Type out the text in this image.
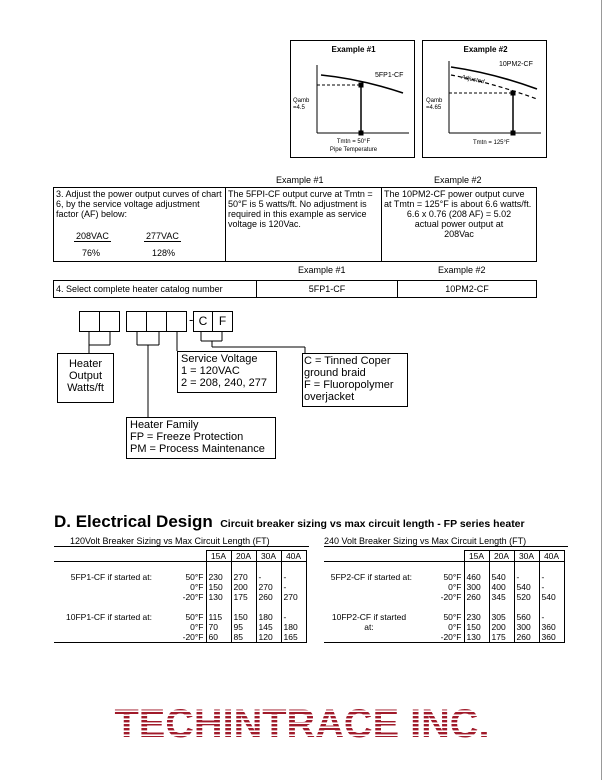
Example #1
5FP1-CF
Qamb
=4.5
Tmtn = 50°F
Pipe Temperature
Example #2
10PM2-CF
Adjusted
Qamb
=4.65
Tmtn = 125°F
Example #1	Example #2
3. Adjust the power output curves of chart 6, by the service voltage adjustment factor (AF) below:
208VAC	277VAC
76%	128%
The 5FPI-CF output curve at Tmtn = 50°F is 5 watts/ft. No adjustment is required in this example as service voltage is 120Vac.
The 10PM2-CF power output curve at Tmtn = 125°F is about 6.6 watts/ft.
6.6 x 0.76 (208 AF) = 5.02
actual power output at
208Vac
Example #1	Example #2
4. Select complete heater catalog number	5FP1-CF	10PM2-CF
- C F
Heater
Output
Watts/ft
Service Voltage
1 = 120VAC
2 = 208, 240, 277
C = Tinned Coper
ground braid
F = Fluoropolymer
overjacket
Heater Family
FP = Freeze Protection
PM = Process Maintenance
D. Electrical Design Circuit breaker sizing vs max circuit length - FP series heater
120Volt Breaker Sizing vs Max Circuit Length (FT)	240 Volt Breaker Sizing vs Max Circuit Length (FT)
		15A	20A	30A	40A

5FP1-CF if started at:	50°F	230	270	-	-
	0°F	150	200	270	-
	-20°F	130	175	260	270

10FP1-CF if started at:	50°F	115	150	180	-
	0°F	70	95	145	180
	-20°F	60	85	120	165
		15A	20A	30A	40A

5FP2-CF if started at:	50°F	460	540	-	-
	0°F	300	400	540	-
	-20°F	260	345	520	540

10FP2-CF if started	50°F	230	305	560	-
at:	0°F	150	200	300	360
	-20°F	130	175	260	360
TECHINTRACE INC.
